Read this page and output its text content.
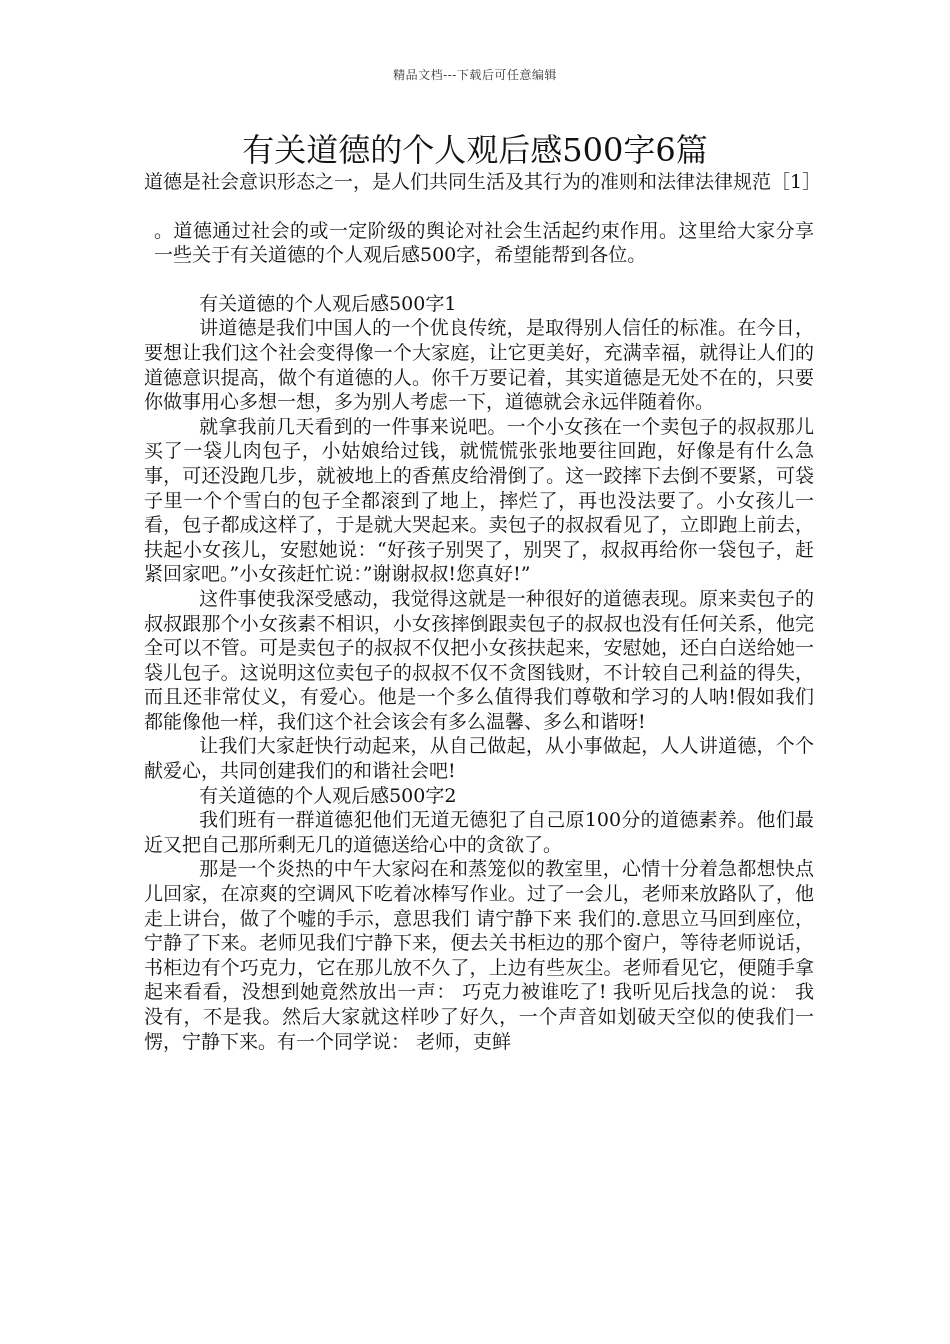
精品文档---下载后可任意编辑
有关道德的个人观后感500字6篇

道德是社会意识形态之一，是人们共同生活及其行为的准则和法律法律规范［1］

。道德通过社会的或一定阶级的舆论对社会生活起约束作用。这里给大家分享一些关于有关道德的个人观后感500字，希望能帮到各位。

有关道德的个人观后感500字1

讲道德是我们中国人的一个优良传统，是取得别人信任的标准。在今日，要想让我们这个社会变得像一个大家庭，让它更美好，充满幸福，就得让人们的道德意识提高，做个有道德的人。你千万要记着，其实道德是无处不在的，只要你做事用心多想一想，多为别人考虑一下，道德就会永远伴随着你。

就拿我前几天看到的一件事来说吧。一个小女孩在一个卖包子的叔叔那儿买了一袋儿肉包子，小姑娘给过钱，就慌慌张张地要往回跑，好像是有什么急事，可还没跑几步，就被地上的香蕉皮给滑倒了。这一跤摔下去倒不要紧，可袋子里一个个雪白的包子全都滚到了地上，摔烂了，再也没法要了。小女孩儿一看，包子都成这样了，于是就大哭起来。卖包子的叔叔看见了，立即跑上前去，扶起小女孩儿，安慰她说：“好孩子别哭了，别哭了，叔叔再给你一袋包子，赶紧回家吧。”小女孩赶忙说：”谢谢叔叔!您真好!”

这件事使我深受感动，我觉得这就是一种很好的道德表现。原来卖包子的叔叔跟那个小女孩素不相识，小女孩摔倒跟卖包子的叔叔也没有任何关系，他完全可以不管。可是卖包子的叔叔不仅把小女孩扶起来，安慰她，还白白送给她一袋儿包子。这说明这位卖包子的叔叔不仅不贪图钱财，不计较自己利益的得失，而且还非常仗义，有爱心。他是一个多么值得我们尊敬和学习的人呐!假如我们都能像他一样，我们这个社会该会有多么温馨、多么和谐呀!

让我们大家赶快行动起来，从自己做起，从小事做起，人人讲道德，个个献爱心，共同创建我们的和谐社会吧!

有关道德的个人观后感500字2

我们班有一群道德犯他们无道无德犯了自己原100分的道德素养。他们最近又把自己那所剩无几的道德送给心中的贪欲了。

那是一个炎热的中午大家闷在和蒸笼似的教室里，心情十分着急都想快点儿回家，在凉爽的空调风下吃着冰棒写作业。过了一会儿，老师来放路队了，他走上讲台，做了个嘘的手示，意思我们 请宁静下来 我们的.意思立马回到座位，宁静了下来。老师见我们宁静下来，便去关书柜边的那个窗户，等待老师说话，书柜边有个巧克力，它在那儿放不久了，上边有些灰尘。老师看见它，便随手拿起来看看，没想到她竟然放出一声： 巧克力被谁吃了! 我听见后找急的说： 我没有，不是我。然后大家就这样吵了好久，一个声音如划破天空似的使我们一愣，宁静下来。有一个同学说： 老师，吏鲜
